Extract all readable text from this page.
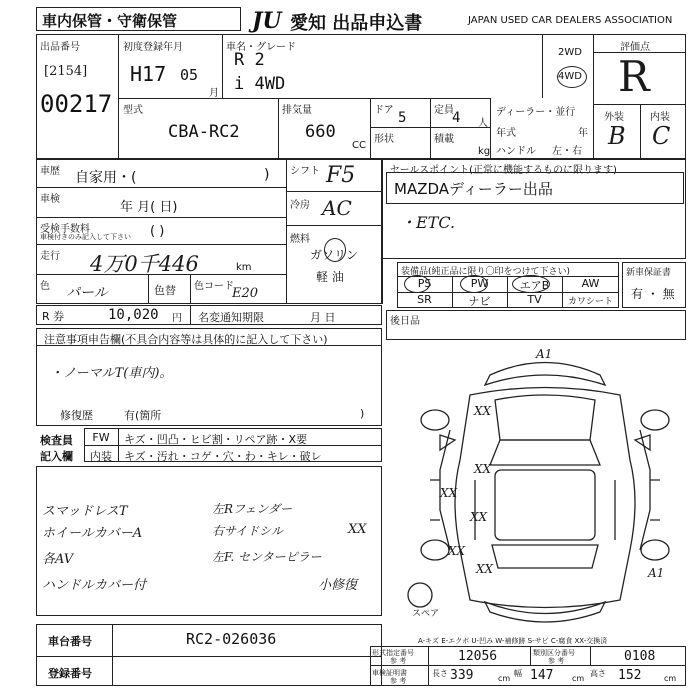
車内保管・守衛保管	JU 愛知 出品申込書	JAPAN USED CAR DEALERS ASSOCIATION
出品番号
[2154]
00217
初度登録年月
H17 05
月
車名・グレード
R 2
i 4WD
2WD
4WD
評価点
R
外装	内装
B C
型式
CBA-RC2
排気量
660
CC
ドア 5	定員
4 人
形状	積載
kg
ディーラー・並行
年式	年
ハンドル 左・右
車歴 自家用・(	)
車検
年 月( 日)
受検手数料
車検付きのみ記入して下さい ( )
走行 4万0千446	km
色 パール	色替 色コード
E20
シフト F5
冷房 AC
燃料
ガソリン
軽 油
セールスポイント(正常に機能するものに限ります)
MAZDAディーラー出品
・ETC.
装備品(純正品に限り〇印をつけて下さい)
PS	PW	エアB	AW
SR	ナビ	TV	カワシート
新車保証書
有 ・ 無
R 券	10,020 円 名変通知期限	月 日	後日品
注意事項申告欄(不具合内容等は具体的に記入して下さい)
・ノーマルT(車内)。
修復歴	有(箇所	)
検査員
記入欄
FW	キズ・凹凸・ヒビ割・リペア跡・X要
内装	キズ・汚れ・コゲ・穴・わ・キレ・破レ
スマッドレスT	左Rフェンダー
ホイールカバーA	右サイドシル	XX
各AV	左F. センターピラー
ハンドルカバー付	小修復
A1
XX
XX
XX
XX
XX
XX	A1
スペア
A-キズ E-エクボ U-凹み W-補修跡 S-サビ C-腐食 XX-交換済
車台番号	RC2-026036
登録番号
形式指定番号
参 考	12056	類別区分番号
参 考	0108
車検証明書
参 考
長さ 339	cm
幅 147 cm
高さ 152	cm
